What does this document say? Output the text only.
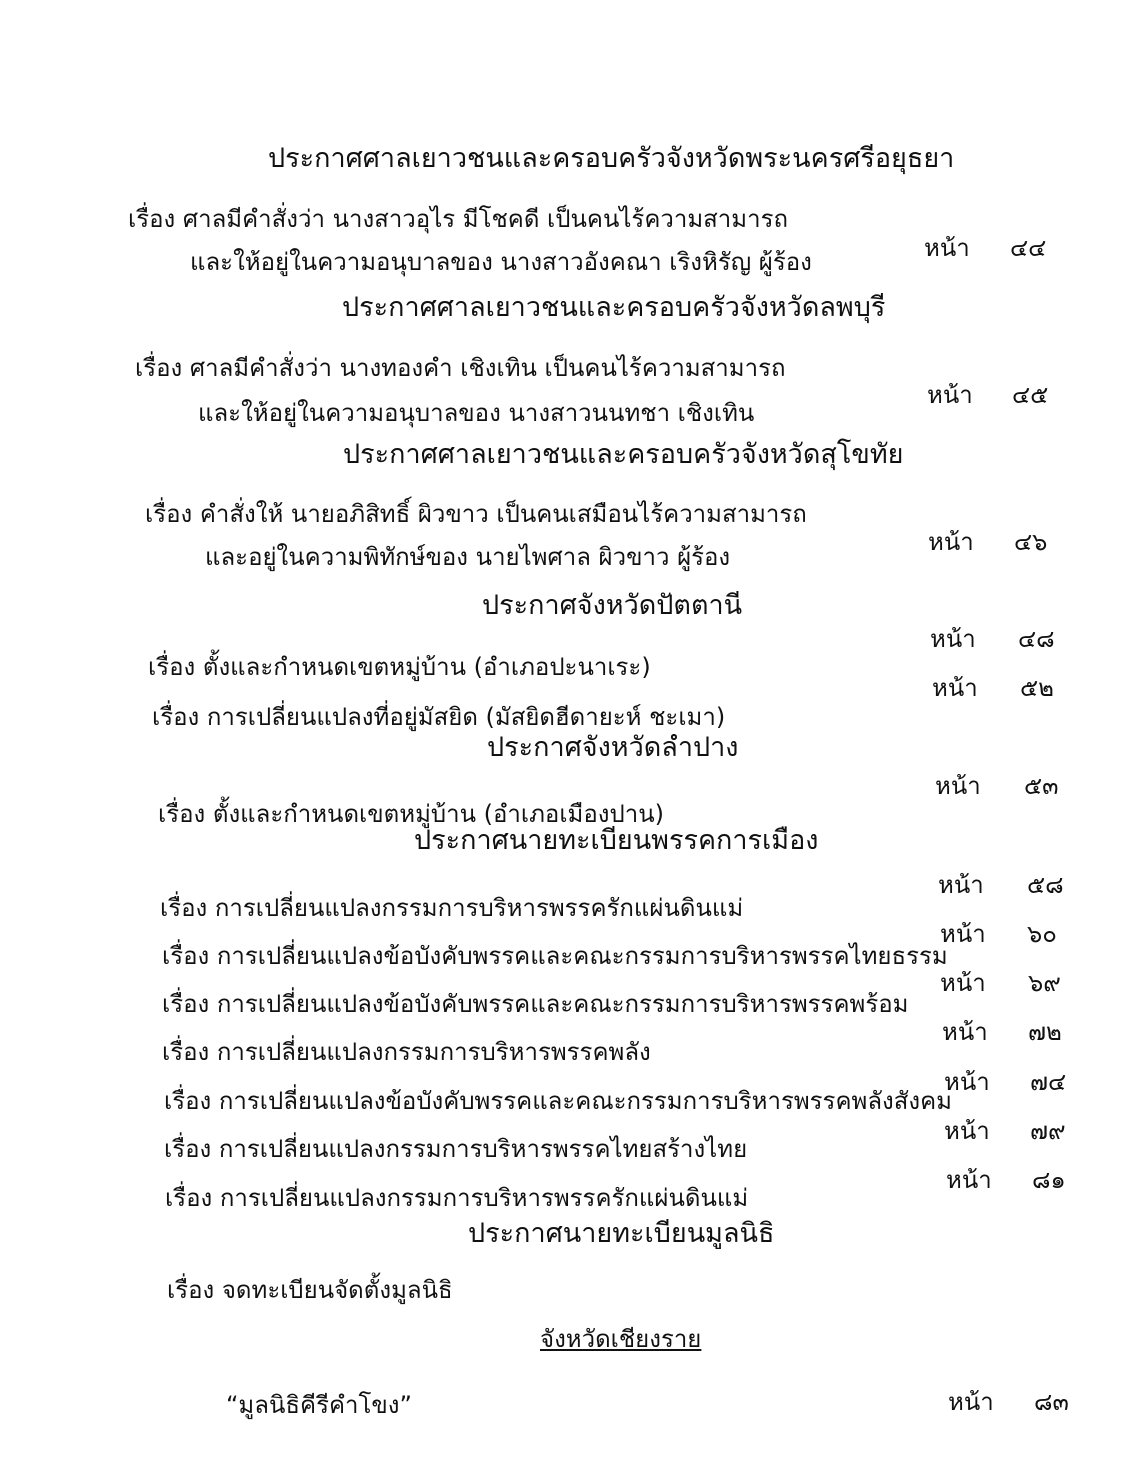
ประกาศศาลเยาวชนและครอบครัวจังหวัดพระนครศรีอยุธยา
เรื่อง ศาลมีคำสั่งว่า นางสาวอุไร มีโชคดี เป็นคนไร้ความสามารถ
และให้อยู่ในความอนุบาลของ นางสาวอังคณา เริงหิรัญ ผู้ร้อง	หน้า ๔๔
ประกาศศาลเยาวชนและครอบครัวจังหวัดลพบุรี
เรื่อง ศาลมีคำสั่งว่า นางทองคำ เชิงเทิน เป็นคนไร้ความสามารถ
และให้อยู่ในความอนุบาลของ นางสาวนนทชา เชิงเทิน
หน้า ๔๕
ประกาศศาลเยาวชนและครอบครัวจังหวัดสุโขทัย
เรื่อง คำสั่งให้ นายอภิสิทธิ์ ผิวขาว เป็นคนเสมือนไร้ความสามารถ
และอยู่ในความพิทักษ์ของ นายไพศาล ผิวขาว ผู้ร้อง
หน้า ๔๖
ประกาศจังหวัดปัตตานี
เรื่อง ตั้งและกำหนดเขตหมู่บ้าน (อำเภอปะนาเระ)
หน้า ๔๘
เรื่อง การเปลี่ยนแปลงที่อยู่มัสยิด (มัสยิดฮีดายะห์ ชะเมา)
หน้า ๕๒
ประกาศจังหวัดลำปาง
เรื่อง ตั้งและกำหนดเขตหมู่บ้าน (อำเภอเมืองปาน)
หน้า ๕๓
ประกาศนายทะเบียนพรรคการเมือง
เรื่อง การเปลี่ยนแปลงกรรมการบริหารพรรครักแผ่นดินแม่
หน้า ๕๘
เรื่อง การเปลี่ยนแปลงข้อบังคับพรรคและคณะกรรมการบริหารพรรคไทยธรรม
หน้า ๖๐
เรื่อง การเปลี่ยนแปลงข้อบังคับพรรคและคณะกรรมการบริหารพรรคพร้อม
หน้า ๖๙
เรื่อง การเปลี่ยนแปลงกรรมการบริหารพรรคพลัง
หน้า ๗๒
เรื่อง การเปลี่ยนแปลงข้อบังคับพรรคและคณะกรรมการบริหารพรรคพลังสังคม
หน้า ๗๔
เรื่อง การเปลี่ยนแปลงกรรมการบริหารพรรคไทยสร้างไทย
หน้า ๗๙
เรื่อง การเปลี่ยนแปลงกรรมการบริหารพรรครักแผ่นดินแม่
หน้า ๘๑
ประกาศนายทะเบียนมูลนิธิ
เรื่อง จดทะเบียนจัดตั้งมูลนิธิ
จังหวัดเชียงราย
“มูลนิธิคีรีคำโขง”	หน้า ๘๓
